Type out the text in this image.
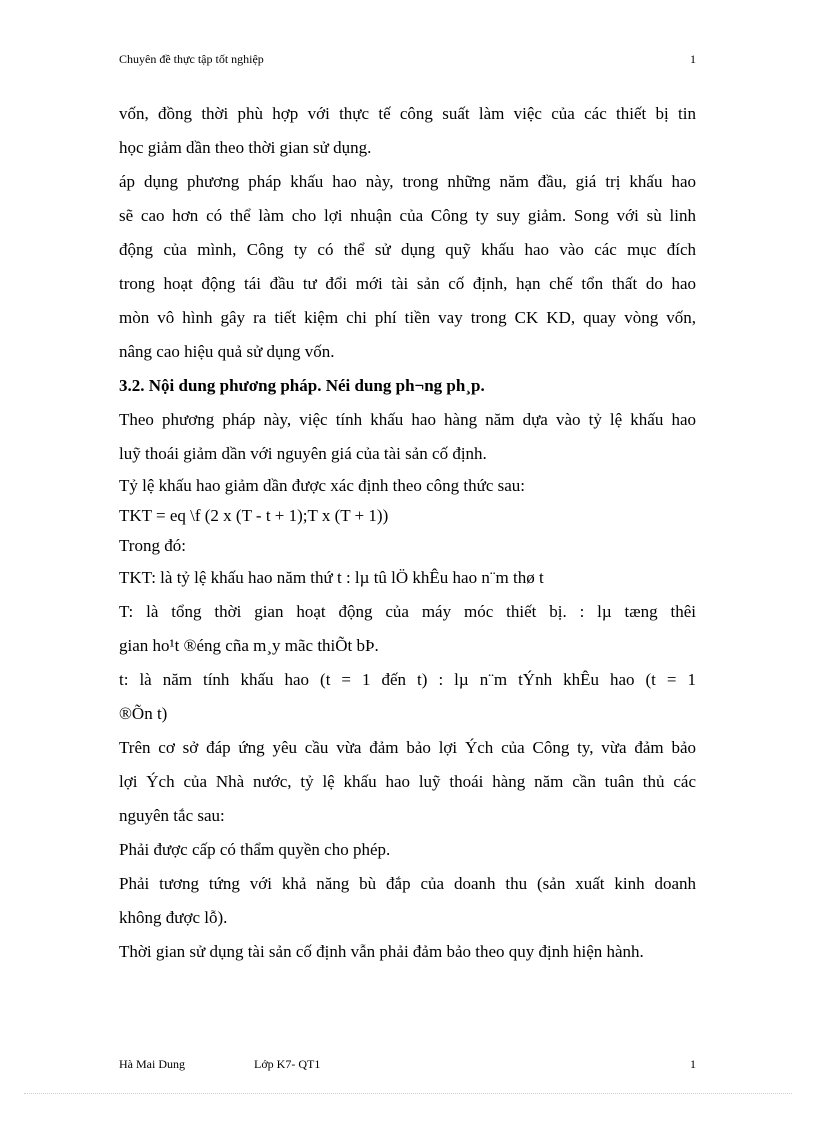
Chuyên đề thực tập tốt nghiệp	1
vốn, đồng thời phù hợp với thực tế công suất làm việc của các thiết bị tin
học giảm dần theo thời gian sử dụng.
áp dụng phương pháp khấu hao này, trong những năm đầu, giá trị khấu hao
sẽ cao hơn có thể làm cho lợi nhuận của Công ty suy giảm. Song với sù linh
động của mình, Công ty có thể sử dụng quỹ khấu hao vào các mục đích
trong hoạt động tái đầu tư đổi mới tài sản cố định, hạn chế tổn thất do hao
mòn vô hình gây ra tiết kiệm chi phí tiền vay trong CK KD, quay vòng vốn,
nâng cao hiệu quả sử dụng vốn.
3.2. Nội dung phương pháp. Néi dung ph¬ng ph¸p.
Theo phương pháp này, việc tính khấu hao hàng năm dựa vào tỷ lệ khấu hao
luỹ thoái giảm dần với nguyên giá của tài sản cố định.
Tỷ lệ khấu hao giảm dần được xác định theo công thức sau:
TKT = eq \f (2 x (T - t + 1);T x (T + 1))
Trong đó:
TKT: là tỷ lệ khấu hao năm thứ t : lµ tû lÖ khÊu hao n¨m thø t
T: là tổng thời gian hoạt động của máy móc thiết bị. : lµ tæng thêi
gian ho¹t ®éng cña m¸y mãc thiÕt bÞ.
t: là năm tính khấu hao (t = 1 đến t) : lµ n¨m tÝnh khÊu hao (t = 1
®Õn t)
Trên cơ sở đáp ứng yêu cầu vừa đảm bảo lợi Ých của Công ty, vừa đảm bảo
lợi Ých của Nhà nước, tỷ lệ khấu hao luỹ thoái hàng năm cần tuân thủ các
nguyên tắc sau:
Phải được cấp có thẩm quyền cho phép.
Phải tương tứng với khả năng bù đắp của doanh thu (sản xuất kinh doanh
không được lỗ).
Thời gian sử dụng tài sản cố định vẫn phải đảm bảo theo quy định hiện hành.
Hà Mai Dung	Lớp K7- QT1	1
